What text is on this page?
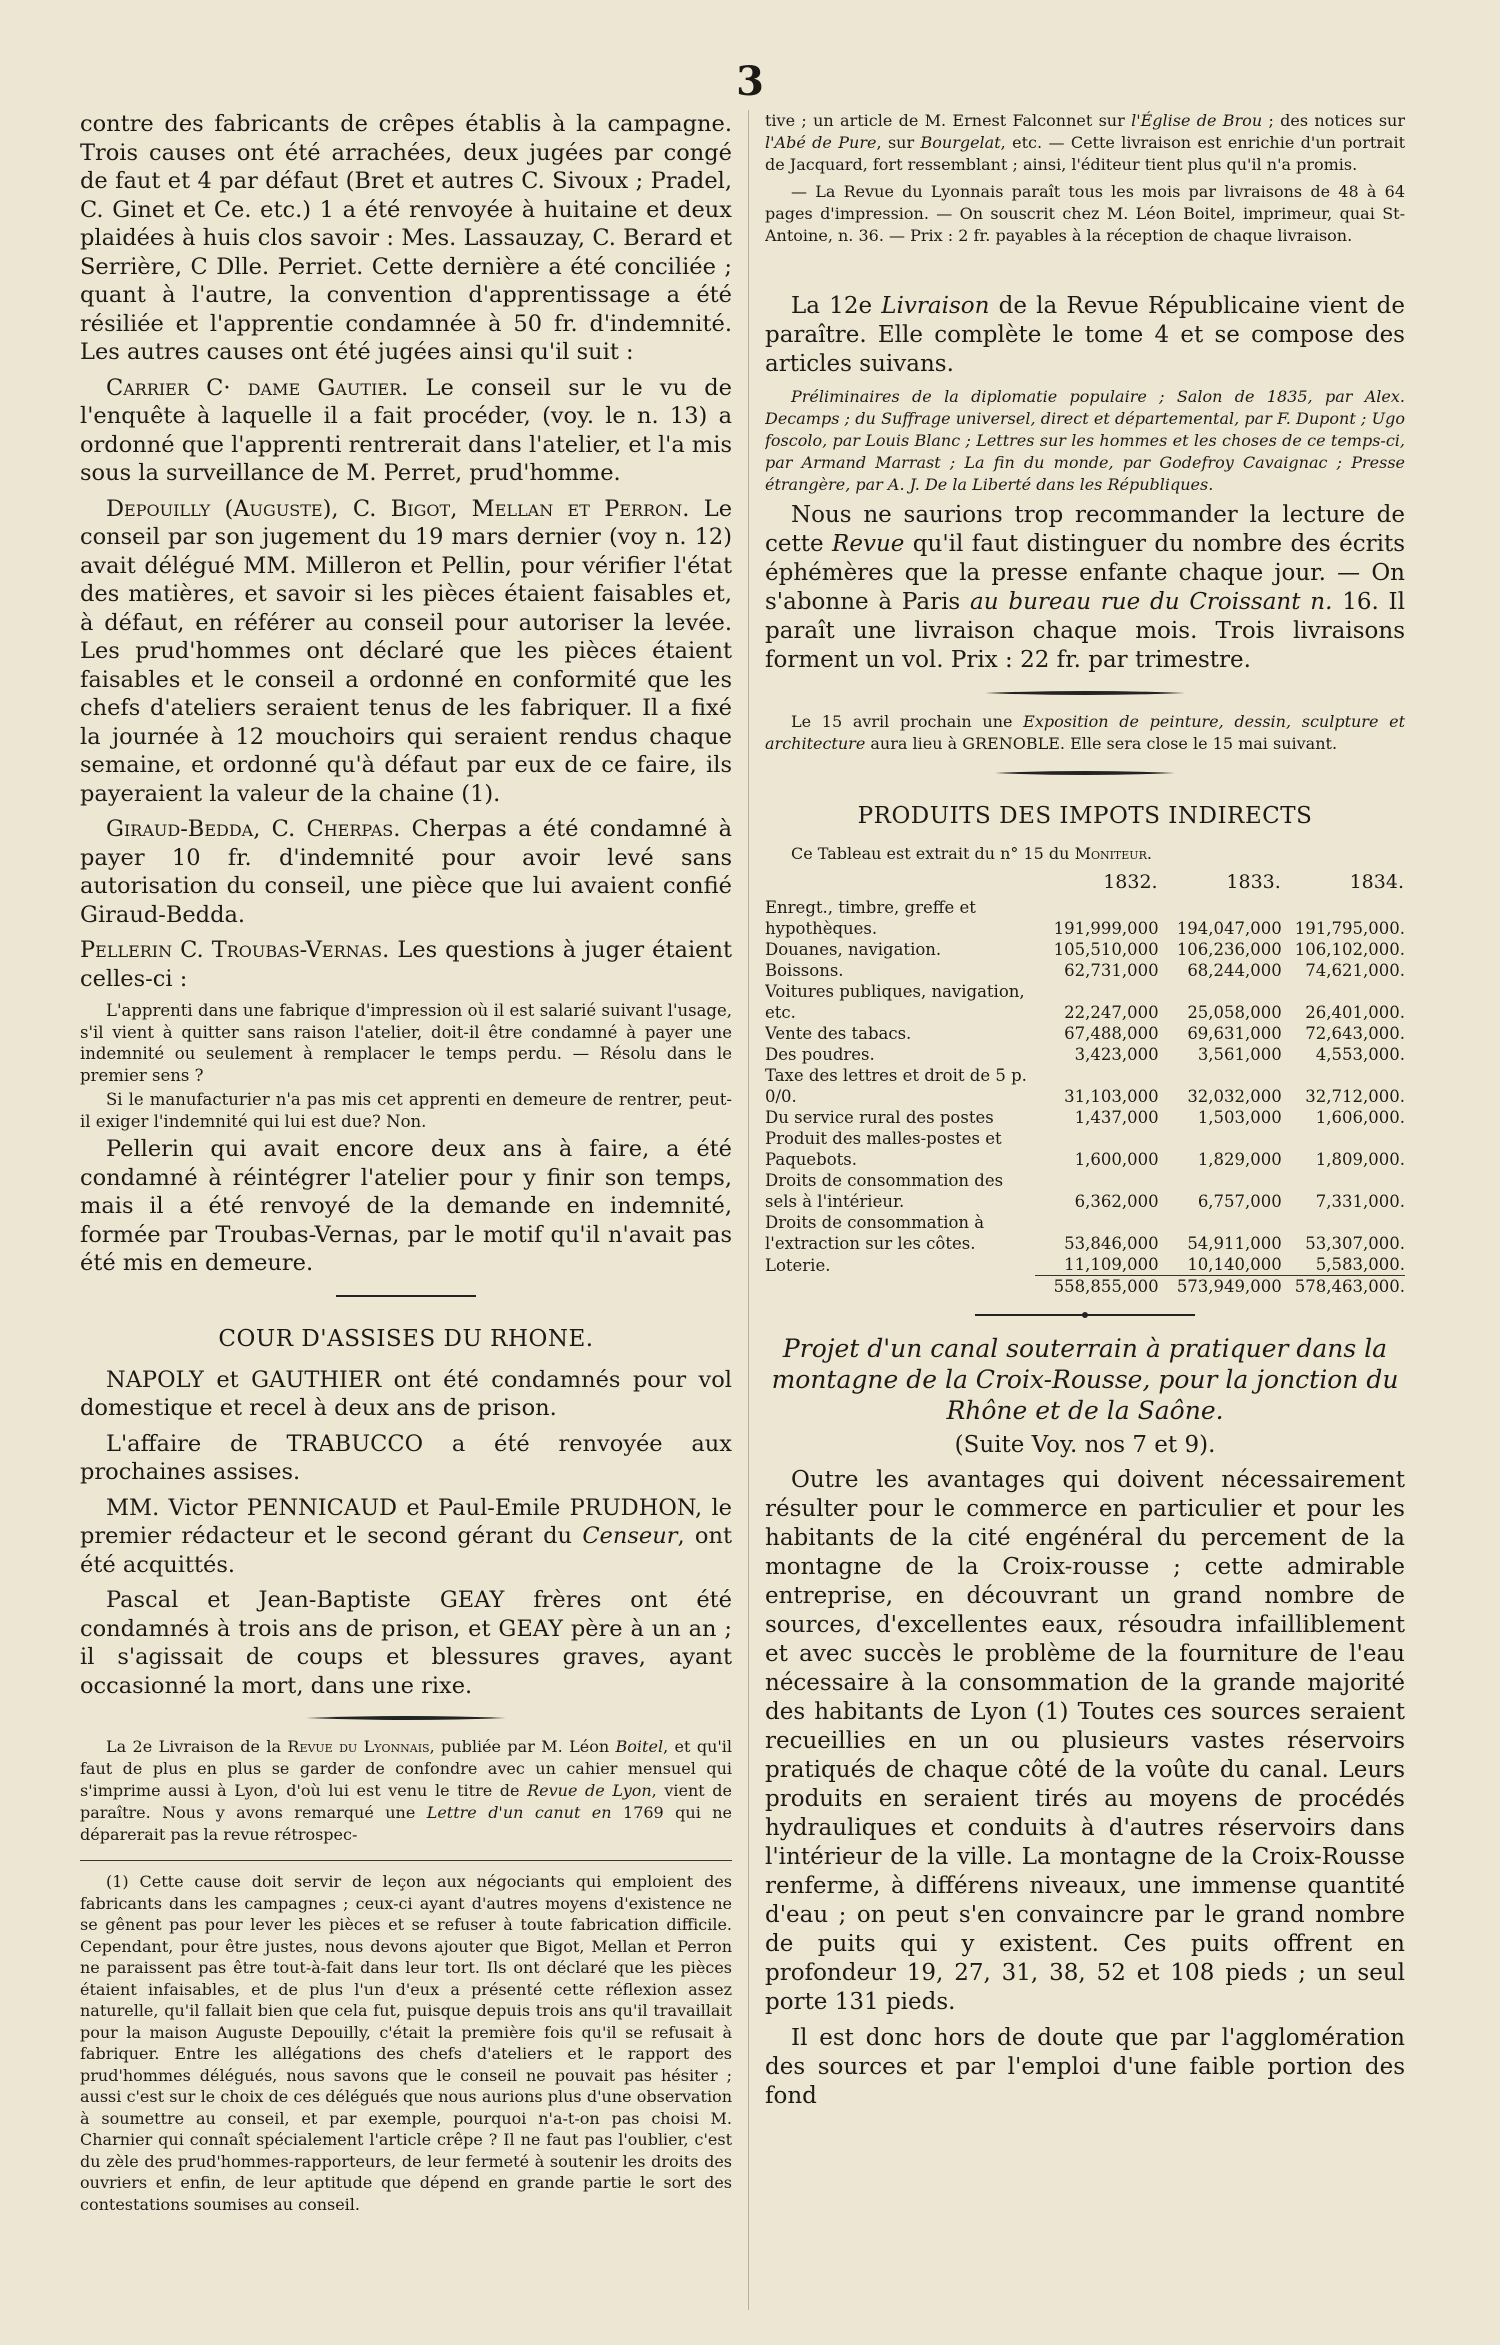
3

contre des fabricants de crêpes établis à la campagne. Trois causes ont été arrachées, deux jugées par congé de faut et 4 par défaut (Bret et autres C. Sivoux ; Pradel, C. Ginet et Ce. etc.) 1 a été renvoyée à huitaine et deux plaidées à huis clos savoir : Mes. Lassauzay, C. Berard et Serrière, C Dlle. Perriet. Cette dernière a été conciliée ; quant à l'autre, la convention d'apprentissage a été résiliée et l'apprentie condamnée à 50 fr. d'indemnité. Les autres causes ont été jugées ainsi qu'il suit :

Carrier C· dame Gautier. Le conseil sur le vu de l'enquête à laquelle il a fait procéder, (voy. le n. 13) a ordonné que l'apprenti rentrerait dans l'atelier, et l'a mis sous la surveillance de M. Perret, prud'homme.

Depouilly (Auguste), C. Bigot, Mellan et Perron. Le conseil par son jugement du 19 mars dernier (voy n. 12) avait délégué MM. Milleron et Pellin, pour vérifier l'état des matières, et savoir si les pièces étaient faisables et, à défaut, en référer au conseil pour autoriser la levée. Les prud'hommes ont déclaré que les pièces étaient faisables et le conseil a ordonné en conformité que les chefs d'ateliers seraient tenus de les fabriquer. Il a fixé la journée à 12 mouchoirs qui seraient rendus chaque semaine, et ordonné qu'à défaut par eux de ce faire, ils payeraient la valeur de la chaine (1).

Giraud-Bedda, C. Cherpas. Cherpas a été condamné à payer 10 fr. d'indemnité pour avoir levé sans autorisation du conseil, une pièce que lui avaient confié Giraud-Bedda.

Pellerin C. Troubas-Vernas. Les questions à juger étaient celles-ci :

L'apprenti dans une fabrique d'impression où il est salarié suivant l'usage, s'il vient à quitter sans raison l'atelier, doit-il être condamné à payer une indemnité ou seulement à remplacer le temps perdu. — Résolu dans le premier sens ?

Si le manufacturier n'a pas mis cet apprenti en demeure de rentrer, peut-il exiger l'indemnité qui lui est due? Non.

Pellerin qui avait encore deux ans à faire, a été condamné à réintégrer l'atelier pour y finir son temps, mais il a été renvoyé de la demande en indemnité, formée par Troubas-Vernas, par le motif qu'il n'avait pas été mis en demeure.

COUR D'ASSISES DU RHONE.

NAPOLY et GAUTHIER ont été condamnés pour vol domestique et recel à deux ans de prison.

L'affaire de TRABUCCO a été renvoyée aux prochaines assises.

MM. Victor PENNICAUD et Paul-Emile PRUDHON, le premier rédacteur et le second gérant du Censeur, ont été acquittés.

Pascal et Jean-Baptiste GEAY frères ont été condamnés à trois ans de prison, et GEAY père à un an ; il s'agissait de coups et blessures graves, ayant occasionné la mort, dans une rixe.

La 2e Livraison de la Revue du Lyonnais, publiée par M. Léon Boitel, et qu'il faut de plus en plus se garder de confondre avec un cahier mensuel qui s'imprime aussi à Lyon, d'où lui est venu le titre de Revue de Lyon, vient de paraître. Nous y avons remarqué une Lettre d'un canut en 1769 qui ne déparerait pas la revue rétrospec-

(1) Cette cause doit servir de leçon aux négociants qui emploient des fabricants dans les campagnes ; ceux-ci ayant d'autres moyens d'existence ne se gênent pas pour lever les pièces et se refuser à toute fabrication difficile. Cependant, pour être justes, nous devons ajouter que Bigot, Mellan et Perron ne paraissent pas être tout-à-fait dans leur tort. Ils ont déclaré que les pièces étaient infaisables, et de plus l'un d'eux a présenté cette réflexion assez naturelle, qu'il fallait bien que cela fut, puisque depuis trois ans qu'il travaillait pour la maison Auguste Depouilly, c'était la première fois qu'il se refusait à fabriquer. Entre les allégations des chefs d'ateliers et le rapport des prud'hommes délégués, nous savons que le conseil ne pouvait pas hésiter ; aussi c'est sur le choix de ces délégués que nous aurions plus d'une observation à soumettre au conseil, et par exemple, pourquoi n'a-t-on pas choisi M. Charnier qui connaît spécialement l'article crêpe ? Il ne faut pas l'oublier, c'est du zèle des prud'hommes-rapporteurs, de leur fermeté à soutenir les droits des ouvriers et enfin, de leur aptitude que dépend en grande partie le sort des contestations soumises au conseil.

tive ; un article de M. Ernest Falconnet sur l'Église de Brou ; des notices sur l'Abé de Pure, sur Bourgelat, etc. — Cette livraison est enrichie d'un portrait de Jacquard, fort ressemblant ; ainsi, l'éditeur tient plus qu'il n'a promis.

— La Revue du Lyonnais paraît tous les mois par livraisons de 48 à 64 pages d'impression. — On souscrit chez M. Léon Boitel, imprimeur, quai St-Antoine, n. 36. — Prix : 2 fr. payables à la réception de chaque livraison.

La 12e Livraison de la Revue Républicaine vient de paraître. Elle complète le tome 4 et se compose des articles suivans.

Préliminaires de la diplomatie populaire ; Salon de 1835, par Alex. Decamps ; du Suffrage universel, direct et départemental, par F. Dupont ; Ugo foscolo, par Louis Blanc ; Lettres sur les hommes et les choses de ce temps-ci, par Armand Marrast ; La fin du monde, par Godefroy Cavaignac ; Presse étrangère, par A. J. De la Liberté dans les Républiques.

Nous ne saurions trop recommander la lecture de cette Revue qu'il faut distinguer du nombre des écrits éphémères que la presse enfante chaque jour. — On s'abonne à Paris au bureau rue du Croissant n. 16. Il paraît une livraison chaque mois. Trois livraisons forment un vol. Prix : 22 fr. par trimestre.

Le 15 avril prochain une Exposition de peinture, dessin, sculpture et architecture aura lieu à GRENOBLE. Elle sera close le 15 mai suivant.

PRODUITS DES IMPOTS INDIRECTS

Ce Tableau est extrait du n° 15 du Moniteur.

	1832.	1833.	1834.
Enregt., timbre, greffe et hypothèques.	191,999,000	194,047,000	191,795,000.
Douanes, navigation.	105,510,000	106,236,000	106,102,000.
Boissons.	62,731,000	68,244,000	74,621,000.
Voitures publiques, navigation, etc.	22,247,000	25,058,000	26,401,000.
Vente des tabacs.	67,488,000	69,631,000	72,643,000.
Des poudres.	3,423,000	3,561,000	4,553,000.
Taxe des lettres et droit de 5 p. 0/0.	31,103,000	32,032,000	32,712,000.
Du service rural des postes	1,437,000	1,503,000	1,606,000.
Produit des malles-postes et Paquebots.	1,600,000	1,829,000	1,809,000.
Droits de consommation des sels à l'intérieur.	6,362,000	6,757,000	7,331,000.
Droits de consommation à l'extraction sur les côtes.	53,846,000	54,911,000	53,307,000.
Loterie.	11,109,000	10,140,000	5,583,000.
	558,855,000	573,949,000	578,463,000.

Projet d'un canal souterrain à pratiquer dans la montagne de la Croix-Rousse, pour la jonction du Rhône et de la Saône.

(Suite Voy. nos 7 et 9).

Outre les avantages qui doivent nécessairement résulter pour le commerce en particulier et pour les habitants de la cité engénéral du percement de la montagne de la Croix-rousse ; cette admirable entreprise, en découvrant un grand nombre de sources, d'excellentes eaux, résoudra infailliblement et avec succès le problème de la fourniture de l'eau nécessaire à la consommation de la grande majorité des habitants de Lyon (1) Toutes ces sources seraient recueillies en un ou plusieurs vastes réservoirs pratiqués de chaque côté de la voûte du canal. Leurs produits en seraient tirés au moyens de procédés hydrauliques et conduits à d'autres réservoirs dans l'intérieur de la ville. La montagne de la Croix-Rousse renferme, à différens niveaux, une immense quantité d'eau ; on peut s'en convaincre par le grand nombre de puits qui y existent. Ces puits offrent en profondeur 19, 27, 31, 38, 52 et 108 pieds ; un seul porte 131 pieds.

Il est donc hors de doute que par l'agglomération des sources et par l'emploi d'une faible portion des fond
